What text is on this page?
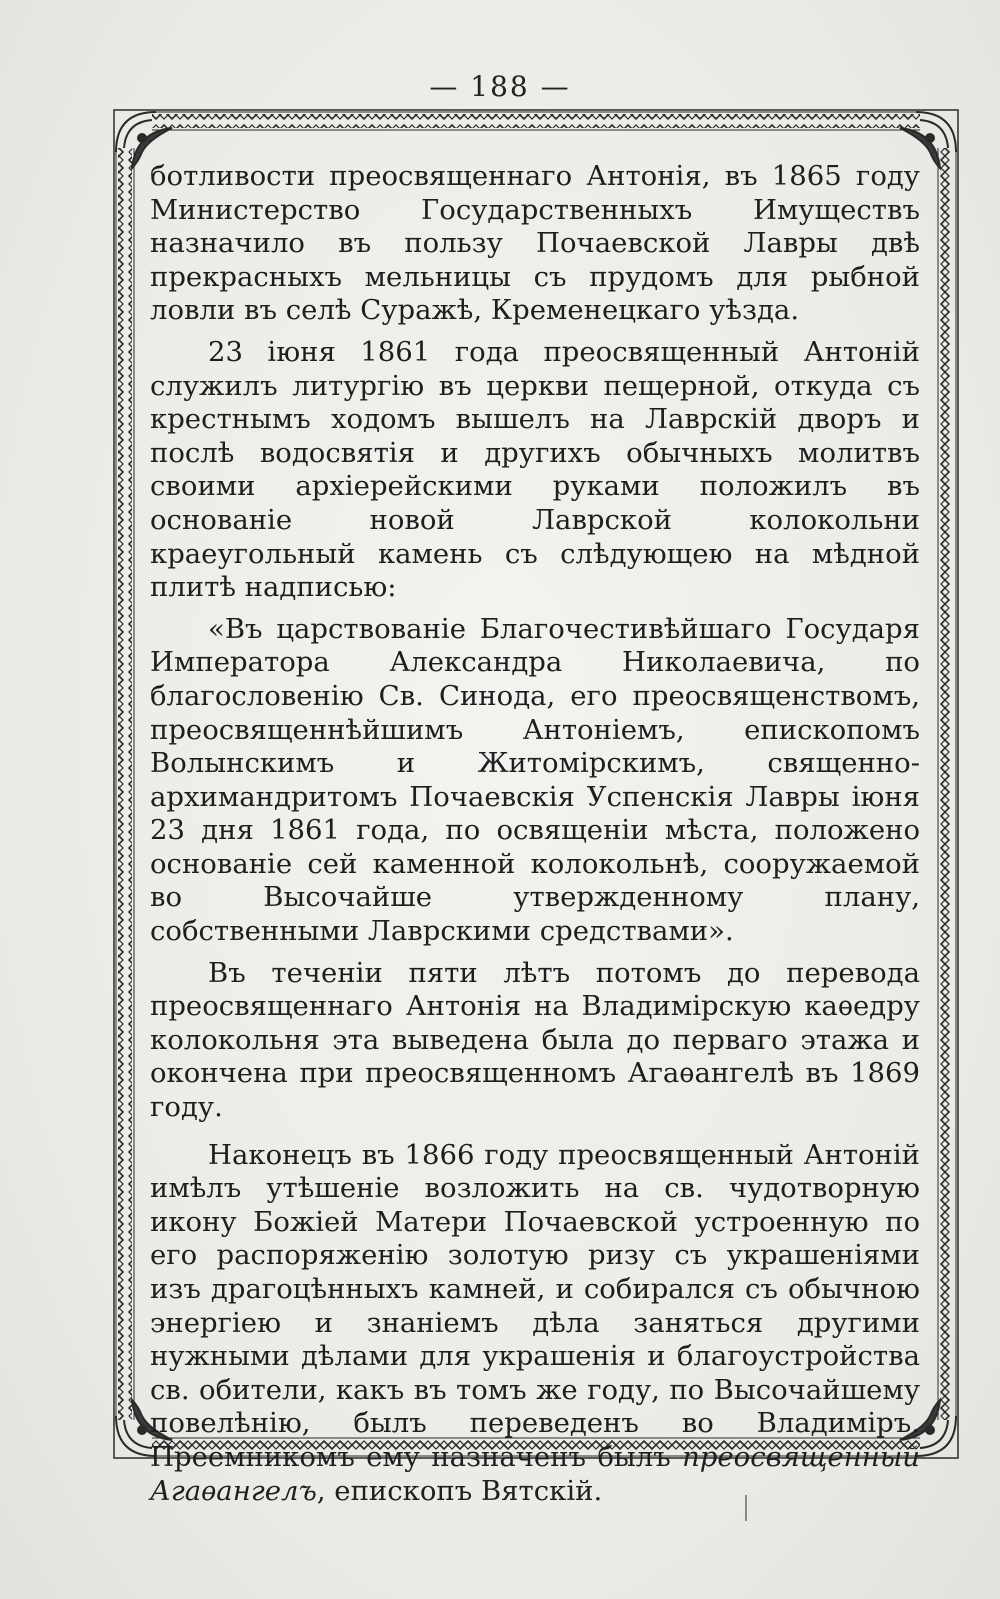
— 188 —

ботливости преосвященнаго Антонія, въ 1865 году Министерство Государственныхъ Имуществъ назначило въ пользу Почаевской Лавры двѣ прекрасныхъ мельницы съ прудомъ для рыбной ловли въ селѣ Суражѣ, Кременецкаго уѣзда.

23 іюня 1861 года преосвященный Антоній служилъ литургію въ церкви пещерной, откуда съ крестнымъ ходомъ вышелъ на Лаврскій дворъ и послѣ водосвятія и другихъ обычныхъ молитвъ своими архіерейскими руками положилъ въ основаніе новой Лаврской колокольни краеугольный камень съ слѣдующею на мѣдной плитѣ надписью:

«Въ царствованіе Благочестивѣйшаго Государя Императора Александра Николаевича, по благословенію Св. Синода, его преосвященствомъ, преосвященнѣйшимъ Антоніемъ, епископомъ Волынскимъ и Житомірскимъ, священно-архимандритомъ Почаевскія Успенскія Лавры іюня 23 дня 1861 года, по освященіи мѣста, положено основаніе сей каменной колокольнѣ, сооружаемой во Высочайше утвержденному плану, собственными Лаврскими средствами».

Въ теченіи пяти лѣтъ потомъ до перевода преосвященнаго Антонія на Владимірскую каѳедру колокольня эта выведена была до перваго этажа и окончена при преосвященномъ Агаѳангелѣ въ 1869 году.

Наконецъ въ 1866 году преосвященный Антоній имѣлъ утѣшеніе возложить на св. чудотворную икону Божіей Матери Почаевской устроенную по его распоряженію золотую ризу съ украшеніями изъ драгоцѣнныхъ камней, и собирался съ обычною энергіею и знаніемъ дѣла заняться другими нужными дѣлами для украшенія и благоустройства св. обители, какъ въ томъ же году, по Высочайшему повелѣнію, былъ переведенъ во Владиміръ. Преемникомъ ему назначенъ былъ преосвященный Агаѳангелъ, епископъ Вятскій.
